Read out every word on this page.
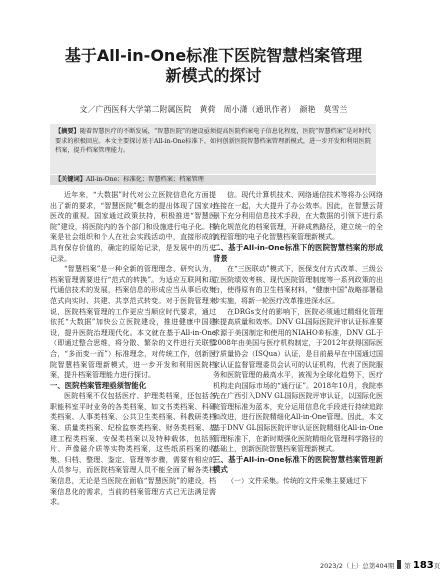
基于All-in-One标准下医院智慧档案管理
新模式的探讨
文／广西医科大学第二附属医院　黄荷　周小潇（通讯作者）　颜艳　莫雪兰
【摘要】随着智慧医疗的不断发展，“智慧医院”的建设亟须提高医院档案电子信息化程度，医院“智慧档案”是对时代要求的积极回应。本文主要探讨基于All-in-One标准下，如何创新医院智慧档案管理新模式，进一步开发和利用医院档案，提升档案管理能力。
【关键词】All-in-One；标准化；智慧档案；档案管理

近年来，“大数据”时代对公立医院信息化方面提出了新的要求，“智慧医院”概念的提出体现了国家对医改的重视。国家通过政策扶持，积极推进“智慧医院”建设，将医院内的各个部门和设施进行电子化。档案是社会组织和个人在社会实践活动中，直接形成的具有保存价值的，确定的原始记录，是发展中的历史记录。

“智慧档案”是一种全新的管理理念，研究认为，档案管理需要进行“范式的转换”。为适应互联网和现代通信技术的发展，档案信息的形成应当从事后收集范式向实时、共建、共享范式转变。对于医院管理来说，医院档案管理的工作更应当顺应时代要求，通过依托“大数据”加快公立医院建设，推进健康中国建设，提升医院治理现代化。本文就在基于All-in-One（即通过整合思维，将分散、繁杂的文件进行关联整合，“多而变一而”）标准理念，对传统工作，创新医院智慧档案管理新模式，进一步开发和利用医院档案，提升档案管理能力进行探讨。

一、医院档案管理亟须智能化

医院档案不仅包括医疗、护理类档案，还包括各职能科室平时业务的各类档案，如文书类档案、科研类档案、人事类档案、公共卫生类档案、科教研类档案、质量类档案、纪检监察类档案、财务类档案、基建工程类档案、安保类档案以及特种载体，包括照片、声像磁介质等实物类档案，这些纸质档案的收集、归档、整理、鉴定、管理等步骤，需要有相应的人员参与，而医院档案管理人员不能全面了解各类档案信息，无论是当医院在面临“智慧医院”的建设，档案信息化的需求，当前的档案管理方式已无法满足需求。

信。现代计算机技术、网络通信技术等将办公网络连接在一起，大大提升了办公效率。因此，在智慧云背景下充分利用信息技术手段，在大数据的引领下进行系统化规范化的档案管理，开辟成熟路径，建立统一的全流程管理的电子化智慧档案管理新模式。

二、基于All-in-One标准下的医院智慧档案的形成背景

在“三医联动”模式下，医保支付方式改革、三级公立医院绩效考核、现代医院管理制度等一系列政策的出台，使得原有的卫生档案材料，“健康中国”战略部署稳步实施，将新一轮医疗改革推进深水区。

在DRGs支付的影响下，医院必须通过精细化管理来提高质量和效率。DNV GL国际医院评审认证标准要求源于美国制定和使用的NIAHO®标准，DNV GL于2008年由美国与医疗机构制定，于2012年获得国际医疗质量协会（ISQua）认证，是目前最早在中国通过国家认证监督管理委员会认可的认证机构，代表了医院服务和医院管理的最高水平，被视为全球化趋势下，医疗机构走向国际市场的“通行证”。2018年10月，我院率先在广西引入DNV GL国际医院评审认证，以国际化医院管理标准为蓝本，充分运用信息化手段进行持续追踪和改进，进行医院精细化All-in-One管理。因此，本文基于DNV GL国际医院评审认证医院精细化All-in-One管理标准下，在新时期强化医院精细化管理科学路径的基础上，创新医院智慧档案管理新模式。

三、基于All-in-One标准下的医院智慧档案管理新模式

（一）文件采集。传统的文件采集主要通过下

2023/2（上）总第404期 第 183页
